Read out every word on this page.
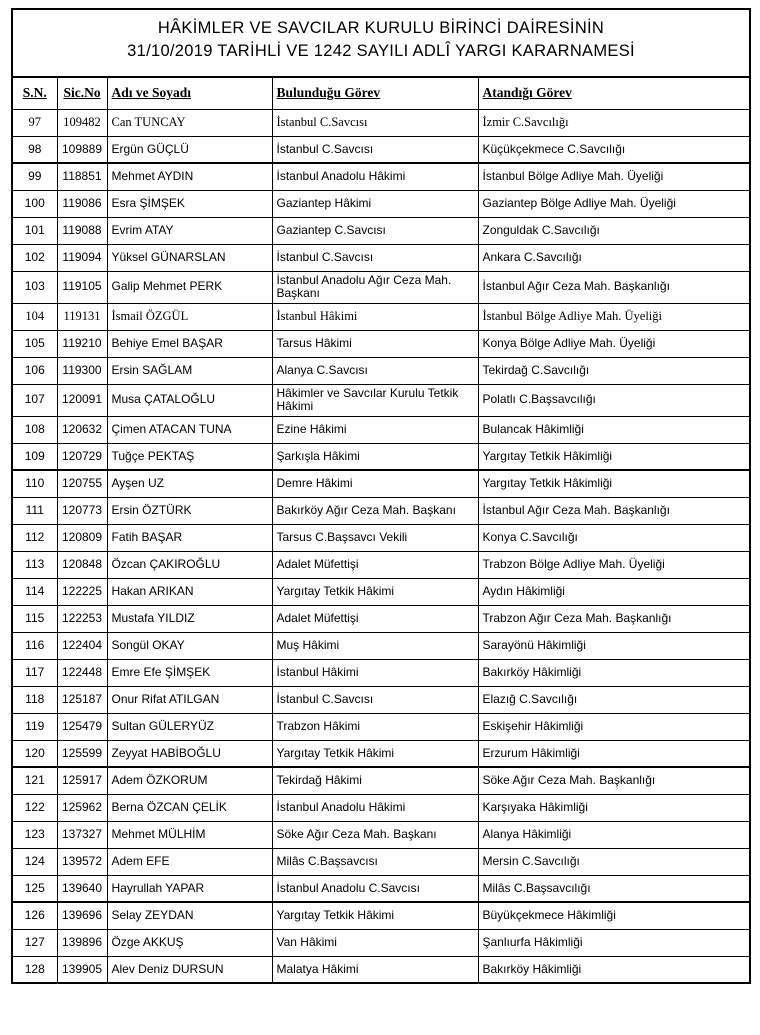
HÂKİMLER VE SAVCILAR KURULU BİRİNCİ DAİRESİNİN
31/10/2019 TARİHLİ VE 1242 SAYILI ADLÎ YARGI KARARNAMESİ				

S.N.	Sic.No	Adı ve Soyadı	Bulunduğu Görev	Atandığı Görev
97	109482	Can TUNCAY	İstanbul C.Savcısı	İzmir C.Savcılığı
98	109889	Ergün GÜÇLÜ	İstanbul C.Savcısı	Küçükçekmece C.Savcılığı
99	118851	Mehmet AYDIN	İstanbul Anadolu Hâkimi	İstanbul Bölge Adliye Mah. Üyeliği
100	119086	Esra ŞİMŞEK	Gaziantep Hâkimi	Gaziantep Bölge Adliye Mah. Üyeliği
101	119088	Evrim ATAY	Gaziantep C.Savcısı	Zonguldak C.Savcılığı
102	119094	Yüksel GÜNARSLAN	İstanbul C.Savcısı	Ankara C.Savcılığı
103	119105	Galip Mehmet PERK	İstanbul Anadolu Ağır Ceza Mah. Başkanı	İstanbul Ağır Ceza Mah. Başkanlığı
104	119131	İsmail ÖZGÜL	İstanbul Hâkimi	İstanbul Bölge Adliye Mah. Üyeliği
105	119210	Behiye Emel BAŞAR	Tarsus Hâkimi	Konya Bölge Adliye Mah. Üyeliği
106	119300	Ersin SAĞLAM	Alanya C.Savcısı	Tekirdağ C.Savcılığı
107	120091	Musa ÇATALOĞLU	Hâkimler ve Savcılar Kurulu Tetkik Hâkimi	Polatlı C.Başsavcılığı
108	120632	Çimen ATACAN TUNA	Ezine Hâkimi	Bulancak Hâkimliği
109	120729	Tuğçe PEKTAŞ	Şarkışla Hâkimi	Yargıtay Tetkik Hâkimliği
110	120755	Ayşen UZ	Demre Hâkimi	Yargıtay Tetkik Hâkimliği
111	120773	Ersin ÖZTÜRK	Bakırköy Ağır Ceza Mah. Başkanı	İstanbul Ağır Ceza Mah. Başkanlığı
112	120809	Fatih BAŞAR	Tarsus C.Başsavcı Vekili	Konya C.Savcılığı
113	120848	Özcan ÇAKIROĞLU	Adalet Müfettişi	Trabzon Bölge Adliye Mah. Üyeliği
114	122225	Hakan ARIKAN	Yargıtay Tetkik Hâkimi	Aydın Hâkimliği
115	122253	Mustafa YILDIZ	Adalet Müfettişi	Trabzon Ağır Ceza Mah. Başkanlığı
116	122404	Songül OKAY	Muş Hâkimi	Sarayönü Hâkimliği
117	122448	Emre Efe ŞİMŞEK	İstanbul Hâkimi	Bakırköy Hâkimliği
118	125187	Onur Rifat ATILGAN	İstanbul C.Savcısı	Elazığ C.Savcılığı
119	125479	Sultan GÜLERYÜZ	Trabzon Hâkimi	Eskişehir Hâkimliği
120	125599	Zeyyat HABİBOĞLU	Yargıtay Tetkik Hâkimi	Erzurum Hâkimliği
121	125917	Adem ÖZKORUM	Tekirdağ Hâkimi	Söke Ağır Ceza Mah. Başkanlığı
122	125962	Berna ÖZCAN ÇELİK	İstanbul Anadolu Hâkimi	Karşıyaka Hâkimliği
123	137327	Mehmet MÜLHİM	Söke Ağır Ceza Mah. Başkanı	Alanya Hâkimliği
124	139572	Adem EFE	Milâs C.Başsavcısı	Mersin C.Savcılığı
125	139640	Hayrullah YAPAR	İstanbul Anadolu C.Savcısı	Milâs C.Başsavcılığı
126	139696	Selay ZEYDAN	Yargıtay Tetkik Hâkimi	Büyükçekmece Hâkimliği
127	139896	Özge AKKUŞ	Van Hâkimi	Şanlıurfa Hâkimliği
128	139905	Alev Deniz DURSUN	Malatya Hâkimi	Bakırköy Hâkimliği
